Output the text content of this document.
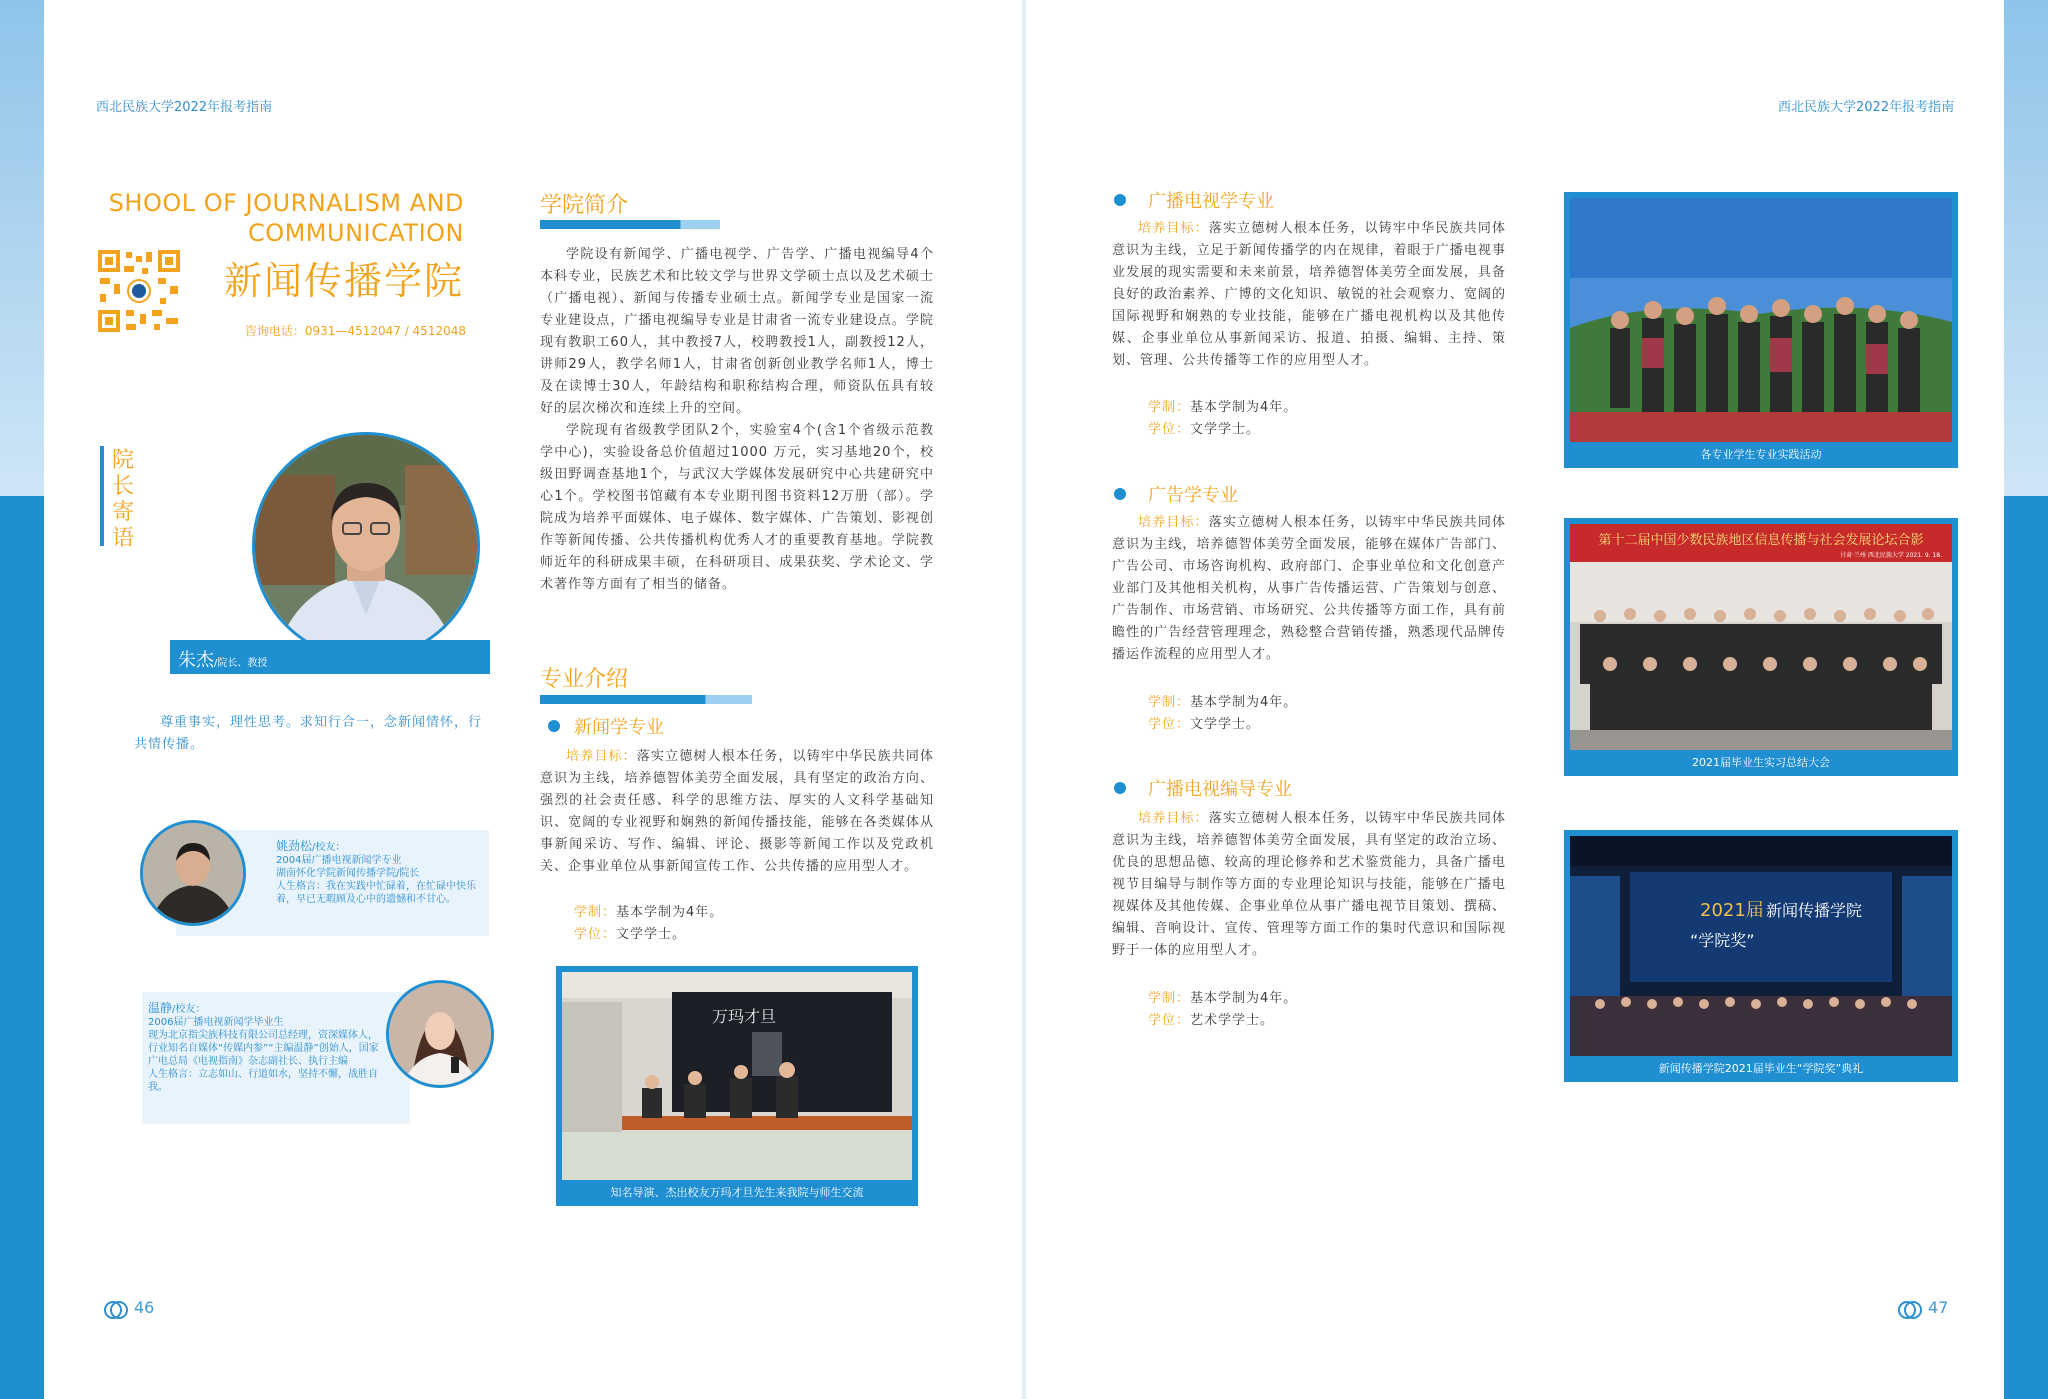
西北民族大学2022年报考指南	西北民族大学2022年报考指南
SHOOL OF JOURNALISM AND
COMMUNICATION
新闻传播学院
咨询电话：0931—4512047 / 4512048
院长寄语
朱杰/院长、教授
尊重事实，理性思考。求知行合一，念新闻情怀，行共情传播。
姚劲松/校友：
2004届广播电视新闻学专业
湖南怀化学院新闻传播学院/院长
人生格言：我在实践中忙碌着，在忙碌中快乐着，早已无暇顾及心中的遗憾和不甘心。
温静/校友：
2006届广播电视新闻学毕业生
现为北京指尖族科技有限公司总经理，资深媒体人，行业知名自媒体“传媒内参”“主编温静”创始人，国家广电总局《电视指南》杂志副社长、执行主编
人生格言：立志如山、行道如水，坚持不懈，战胜自我。
学院简介

学院设有新闻学、广播电视学、广告学、广播电视编导4个本科专业，民族艺术和比较文学与世界文学硕士点以及艺术硕士（广播电视）、新闻与传播专业硕士点。新闻学专业是国家一流专业建设点，广播电视编导专业是甘肃省一流专业建设点。学院现有教职工60人，其中教授7人，校聘教授1人，副教授12人，讲师29人，教学名师1人，甘肃省创新创业教学名师1人，博士及在读博士30人，年龄结构和职称结构合理，师资队伍具有较好的层次梯次和连续上升的空间。

学院现有省级教学团队2个，实验室4个(含1个省级示范教学中心)，实验设备总价值超过1000 万元，实习基地20个，校级田野调查基地1个，与武汉大学媒体发展研究中心共建研究中心1个。学校图书馆藏有本专业期刊图书资料12万册（部）。学院成为培养平面媒体、电子媒体、数字媒体、广告策划、影视创作等新闻传播、公共传播机构优秀人才的重要教育基地。学院教师近年的科研成果丰硕，在科研项目、成果获奖、学术论文、学术著作等方面有了相当的储备。

专业介绍
新闻学专业

培养目标：落实立德树人根本任务，以铸牢中华民族共同体意识为主线，培养德智体美劳全面发展，具有坚定的政治方向、强烈的社会责任感、科学的思维方法、厚实的人文科学基础知识、宽阔的专业视野和娴熟的新闻传播技能，能够在各类媒体从事新闻采访、写作、编辑、评论、摄影等新闻工作以及党政机关、企事业单位从事新闻宣传工作、公共传播的应用型人才。

学制：基本学制为4年。
学位：文学学士。
万玛才旦
知名导演、杰出校友万玛才旦先生来我院与师生交流
46
广播电视学专业

培养目标：落实立德树人根本任务，以铸牢中华民族共同体意识为主线，立足于新闻传播学的内在规律，着眼于广播电视事业发展的现实需要和未来前景，培养德智体美劳全面发展，具备良好的政治素养、广博的文化知识、敏锐的社会观察力、宽阔的国际视野和娴熟的专业技能，能够在广播电视机构以及其他传媒、企事业单位从事新闻采访、报道、拍摄、编辑、主持、策划、管理、公共传播等工作的应用型人才。

学制：基本学制为4年。
学位：文学学士。
广告学专业

培养目标：落实立德树人根本任务，以铸牢中华民族共同体意识为主线，培养德智体美劳全面发展，能够在媒体广告部门、广告公司、市场咨询机构、政府部门、企事业单位和文化创意产业部门及其他相关机构，从事广告传播运营、广告策划与创意、广告制作、市场营销、市场研究、公共传播等方面工作，具有前瞻性的广告经营管理理念，熟稔整合营销传播，熟悉现代品牌传播运作流程的应用型人才。

学制：基本学制为4年。
学位：文学学士。
广播电视编导专业

培养目标：落实立德树人根本任务，以铸牢中华民族共同体意识为主线，培养德智体美劳全面发展，具有坚定的政治立场、优良的思想品德、较高的理论修养和艺术鉴赏能力，具备广播电视节目编导与制作等方面的专业理论知识与技能，能够在广播电视媒体及其他传媒、企事业单位从事广播电视节目策划、撰稿、编辑、音响设计、宣传、管理等方面工作的集时代意识和国际视野于一体的应用型人才。

学制：基本学制为4年。
学位：艺术学学士。
各专业学生专业实践活动
第十二届中国少数民族地区信息传播与社会发展论坛合影
甘肃·兰州 西北民族大学 2021. 9. 18.
2021届毕业生实习总结大会
2021届 新闻传播学院
“学院奖”
新闻传播学院2021届毕业生“学院奖”典礼
47
